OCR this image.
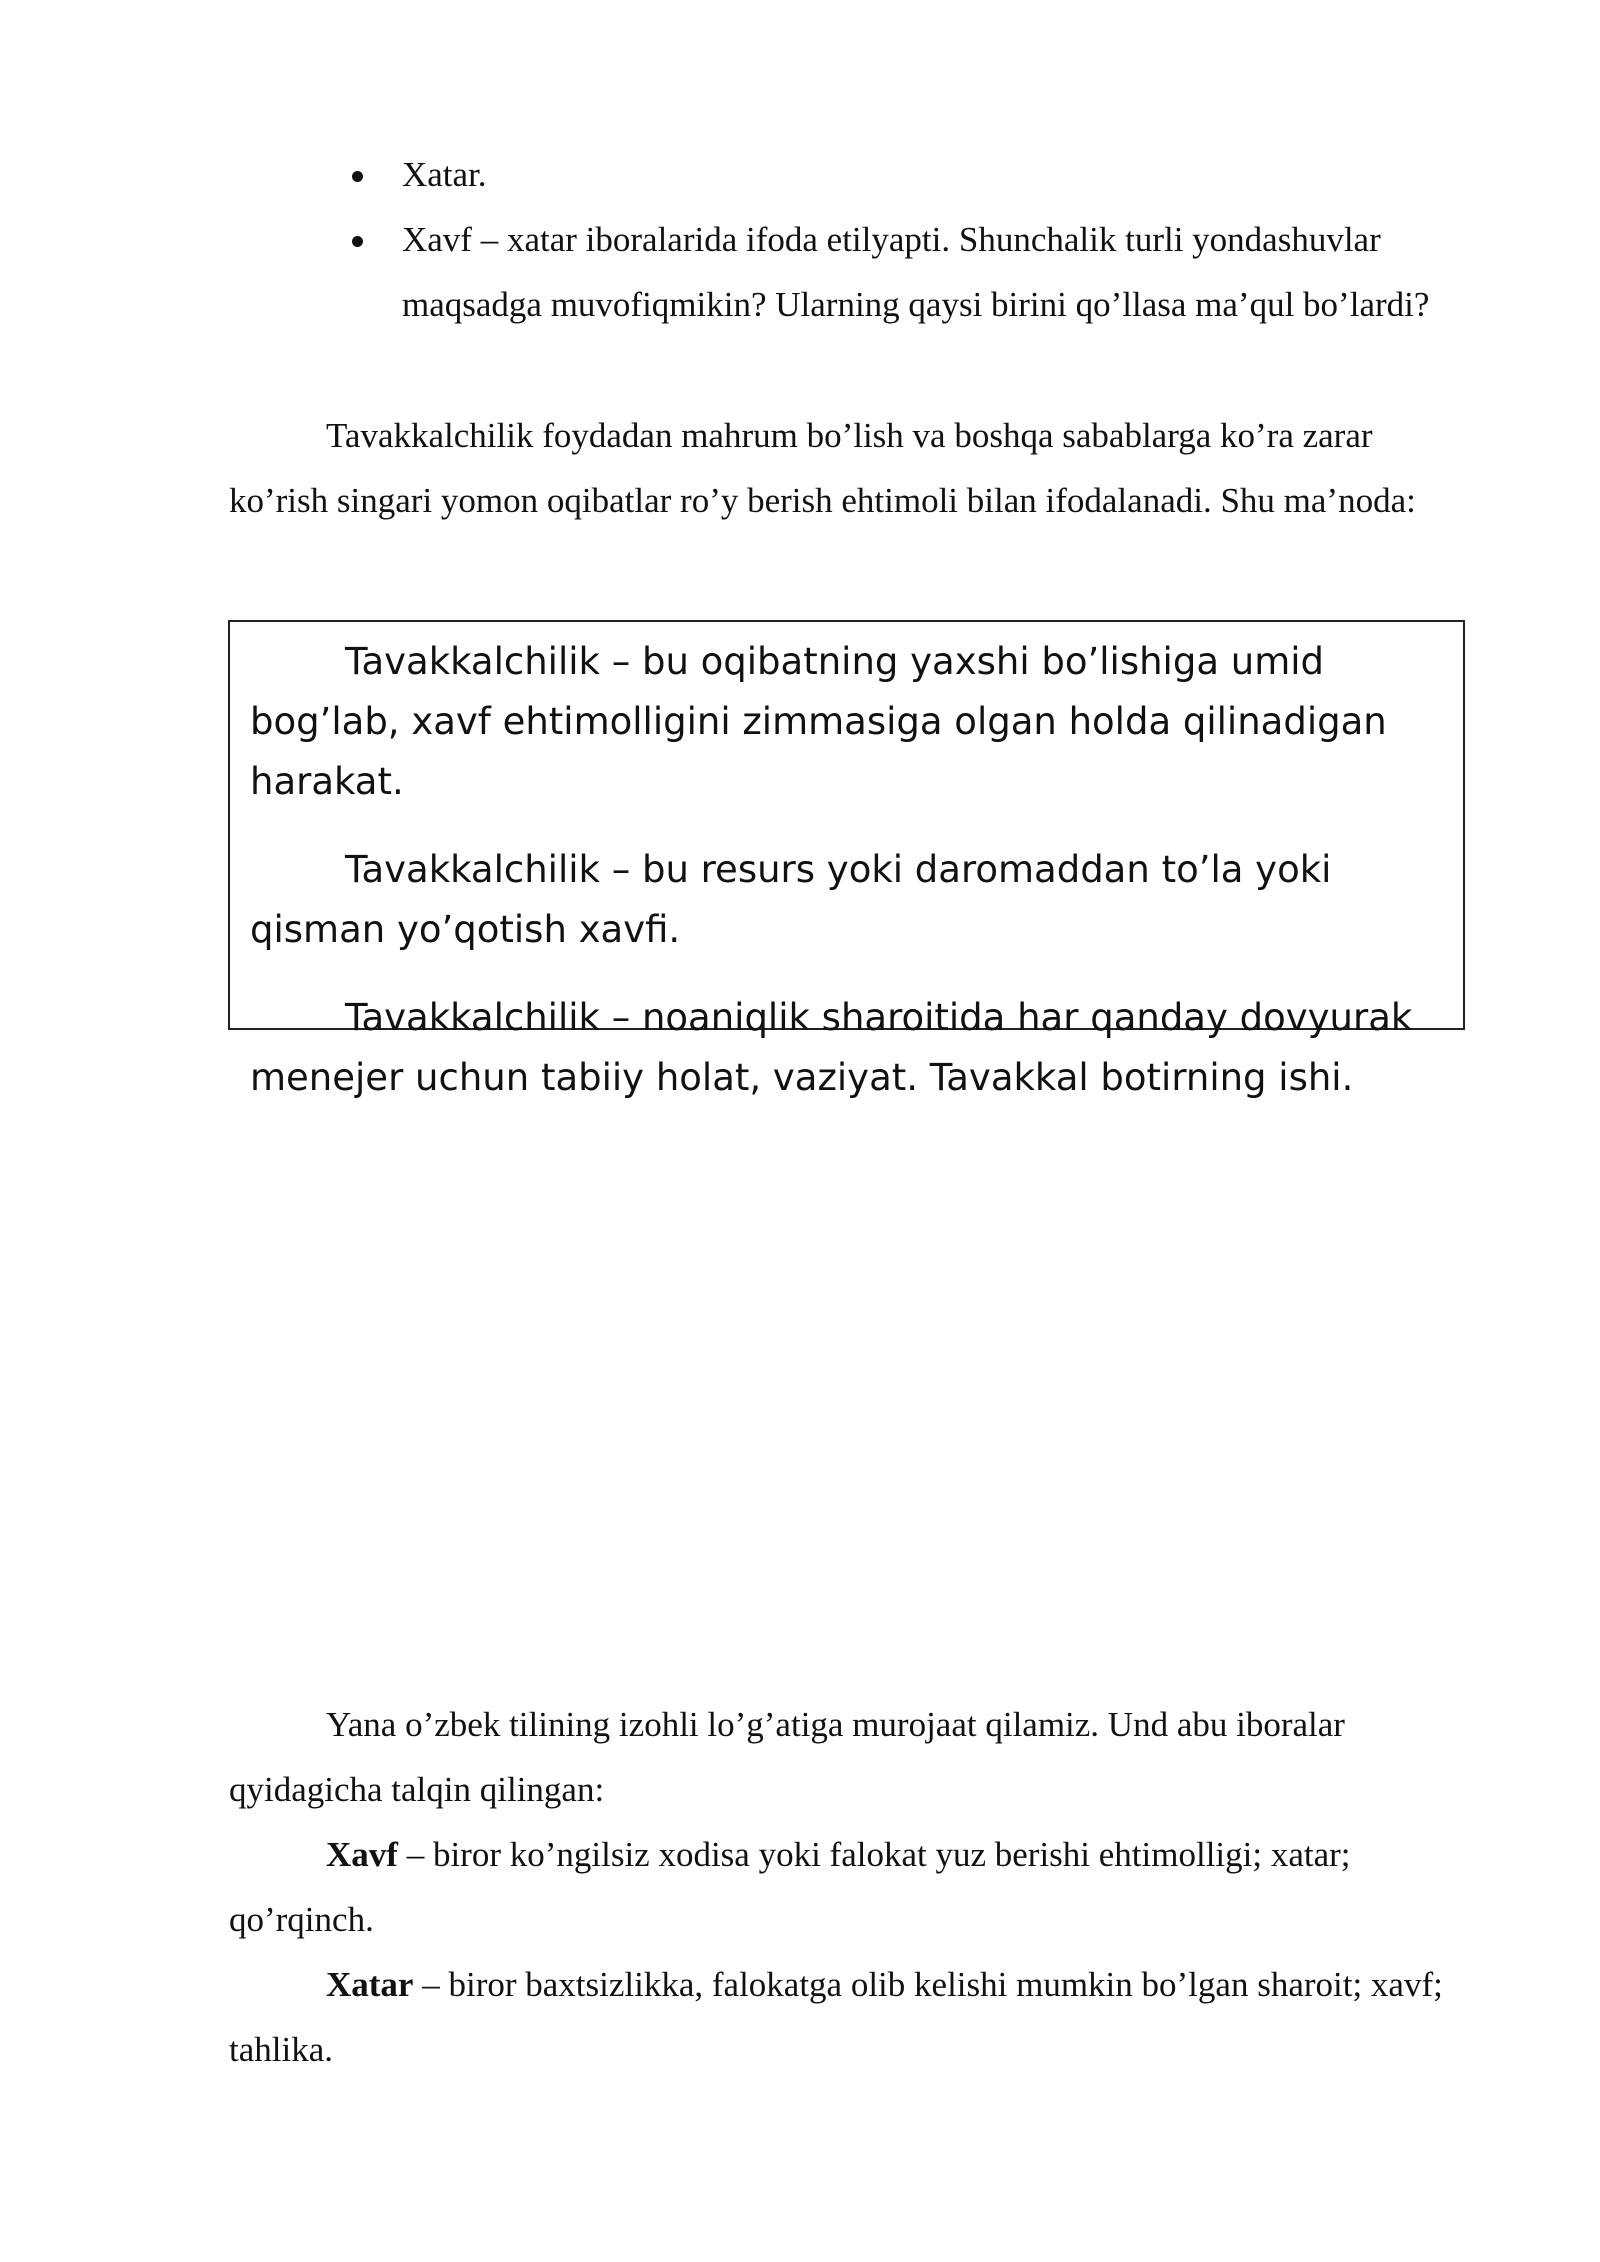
Xatar.
Xavf – xatar iboralarida ifoda etilyapti. Shunchalik turli yondashuvlar maqsadga muvofiqmikin? Ularning qaysi birini qo’llasa ma’qul bo’lardi?

Tavakkalchilik foydadan mahrum bo’lish va boshqa sabablarga ko’ra zarar ko’rish singari yomon oqibatlar ro’y berish ehtimoli bilan ifodalanadi. Shu ma’noda:

Tavakkalchilik – bu oqibatning yaxshi bo’lishiga umid bog’lab, xavf ehtimolligini zimmasiga olgan holda qilinadigan harakat.

Tavakkalchilik – bu resurs yoki daromaddan to’la yoki qisman yo’qotish xavfi.

Tavakkalchilik – noaniqlik sharoitida har qanday dovyurak menejer uchun tabiiy holat, vaziyat. Tavakkal botirning ishi.

Yana o’zbek tilining izohli lo’g’atiga murojaat qilamiz. Und abu iboralar qyidagicha talqin qilingan:

Xavf – biror ko’ngilsiz xodisa yoki falokat yuz berishi ehtimolligi; xatar; qo’rqinch.

Xatar – biror baxtsizlikka, falokatga olib kelishi mumkin bo’lgan sharoit; xavf; tahlika.
